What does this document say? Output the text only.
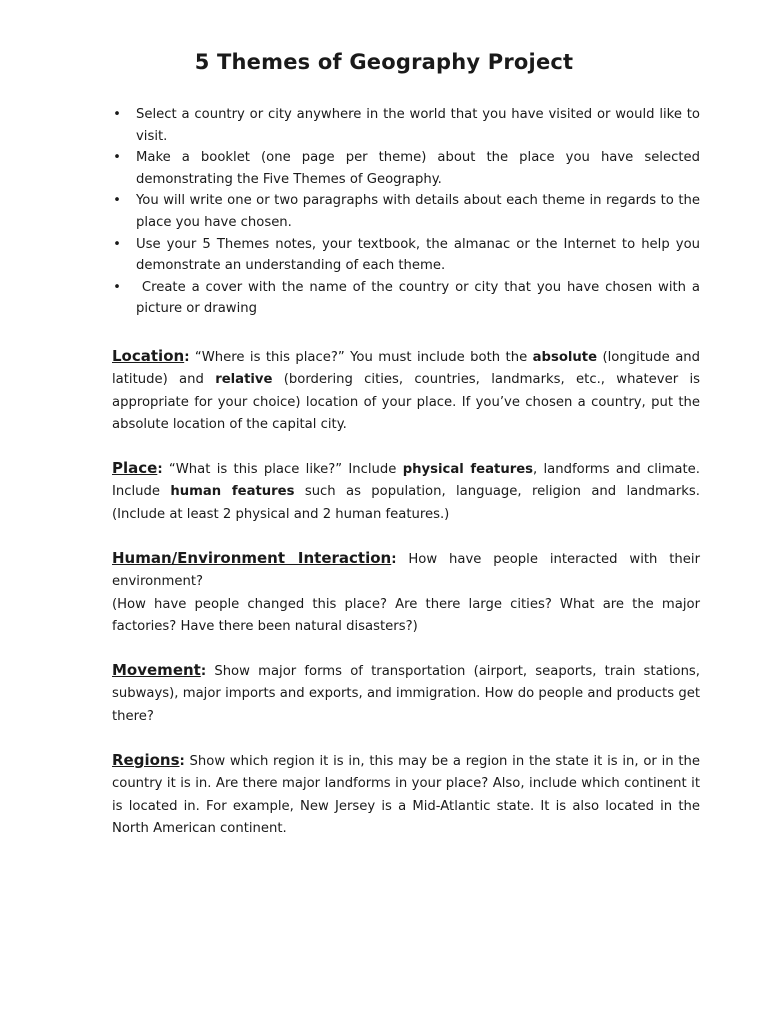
5 Themes of Geography Project
• Select a country or city anywhere in the world that you have visited or would like to visit.
• Make a booklet (one page per theme) about the place you have selected demonstrating the Five Themes of Geography.
• You will write one or two paragraphs with details about each theme in regards to the place you have chosen.
• Use your 5 Themes notes, your textbook, the almanac or the Internet to help you demonstrate an understanding of each theme.
• Create a cover with the name of the country or city that you have chosen with a picture or drawing

Location: “Where is this place?” You must include both the absolute (longitude and latitude) and relative (bordering cities, countries, landmarks, etc., whatever is appropriate for your choice) location of your place. If you’ve chosen a country, put the absolute location of the capital city.

Place: “What is this place like?” Include physical features, landforms and climate. Include human features such as population, language, religion and landmarks. (Include at least 2 physical and 2 human features.)

Human/Environment Interaction: How have people interacted with their environment?
(How have people changed this place? Are there large cities? What are the major factories? Have there been natural disasters?)

Movement: Show major forms of transportation (airport, seaports, train stations, subways), major imports and exports, and immigration. How do people and products get there?

Regions: Show which region it is in, this may be a region in the state it is in, or in the country it is in. Are there major landforms in your place? Also, include which continent it is located in. For example, New Jersey is a Mid-Atlantic state. It is also located in the North American continent.
